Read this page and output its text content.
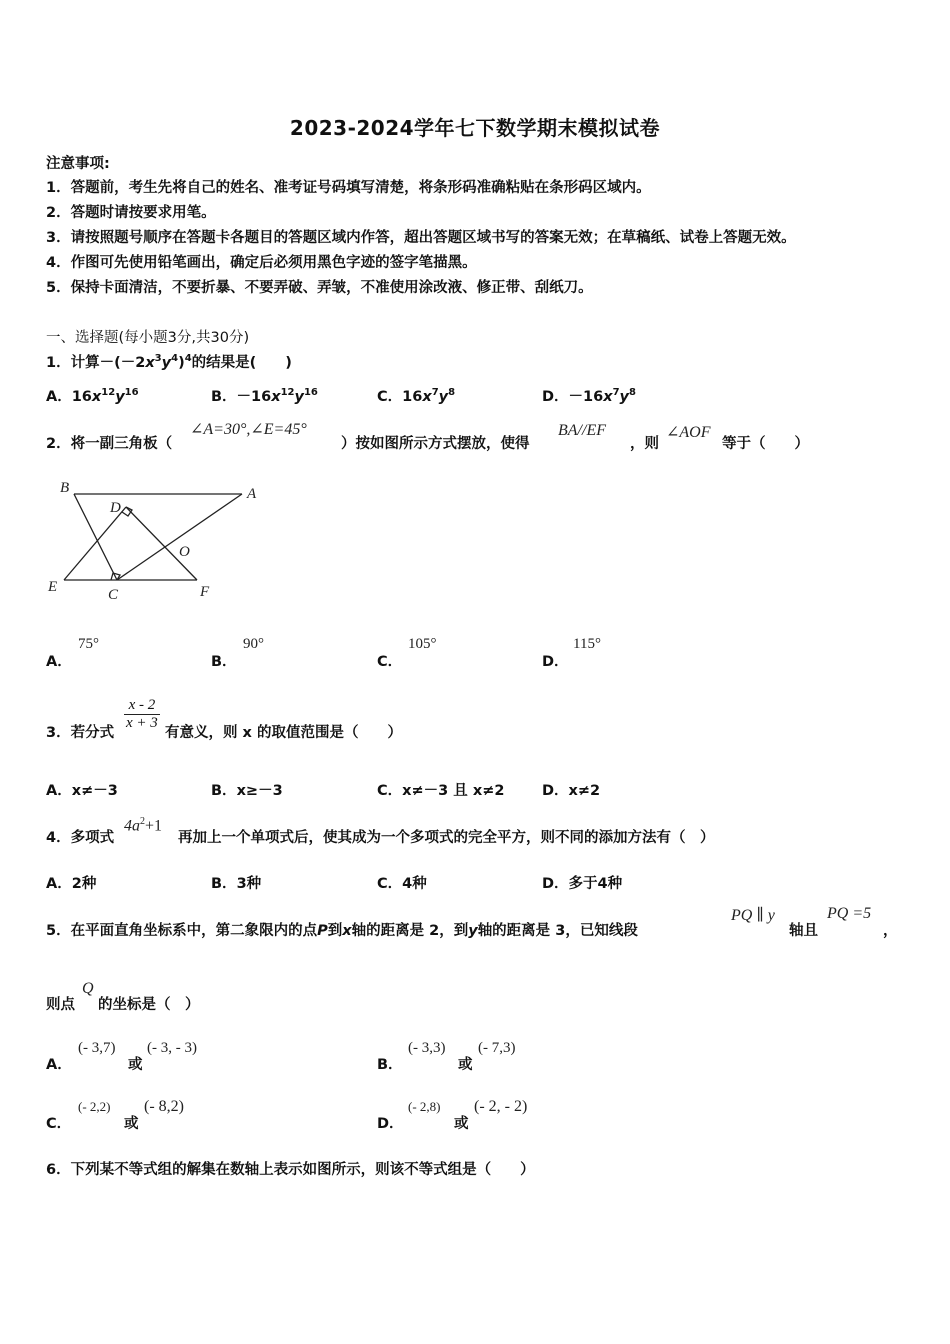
2023-2024学年七下数学期末模拟试卷
注意事项:
1．答题前，考生先将自己的姓名、准考证号码填写清楚，将条形码准确粘贴在条形码区域内。
2．答题时请按要求用笔。
3．请按照题号顺序在答题卡各题目的答题区域内作答，超出答题区域书写的答案无效；在草稿纸、试卷上答题无效。
4．作图可先使用铅笔画出，确定后必须用黑色字迹的签字笔描黑。
5．保持卡面清洁，不要折暴、不要弄破、弄皱，不准使用涂改液、修正带、刮纸刀。
一、选择题(每小题3分,共30分)
1．计算$-(-2x^3y^4)^4$的结果是(　　)
A．$16x^{12}y^{16}$	B．$-16x^{12}y^{16}$	C．$16x^7y^8$	D．$-16x^7y^8$
2．将一副三角板（
∠A=30°,∠E=45°
）按如图所示方式摆放，使得
BA//EF
，则
∠AOF
等于（　　）
B	A
D
O
E	C	F
A．
75°
B．
90°
C．
105°
D．
115°
3．若分式
$\frac{x - 2}{x + 3}$
有意义，则 x 的取值范围是（　　）
A．x≠－3	B．x≥－3	C．x≠－3 且 x≠2	D．x≠2
4．多项式
$4a^2+1$
再加上一个单项式后，使其成为一个多项式的完全平方，则不同的添加方法有（　）
A．2种	B．3种	C．4种	D．多于4种
5．在平面直角坐标系中，第二象限内的点P到x轴的距离是 2，到y轴的距离是 3，已知线段
PQ ∥ y
轴且
PQ =5
，
则点
Q
的坐标是（　）
A．
(- 3,7)
或
(- 3, - 3)
B．
(- 3,3)
或
(- 7,3)
C．
(- 2,2)
或
(- 8,2)
D．
(- 2,8)
或
(- 2, - 2)
6．下列某不等式组的解集在数轴上表示如图所示，则该不等式组是（　　）
